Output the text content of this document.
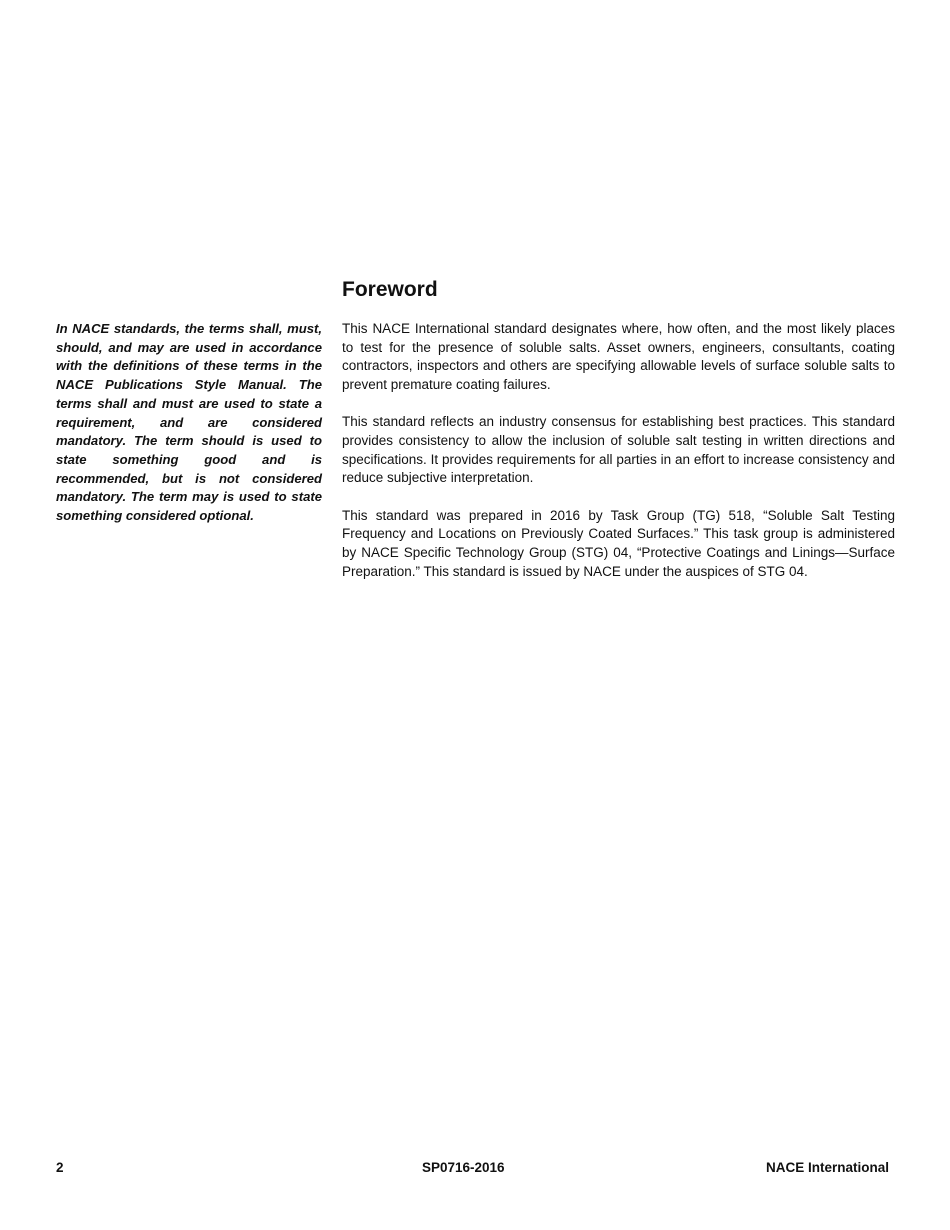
In NACE standards, the terms shall, must, should, and may are used in accordance with the definitions of these terms in the NACE Publications Style Manual. The terms shall and must are used to state a requirement, and are considered mandatory. The term should is used to state something good and is recommended, but is not considered mandatory. The term may is used to state something considered optional.

Foreword

This NACE International standard designates where, how often, and the most likely places to test for the presence of soluble salts. Asset owners, engineers, consultants, coating contractors, inspectors and others are specifying allowable levels of surface soluble salts to prevent premature coating failures.

This standard reflects an industry consensus for establishing best practices. This standard provides consistency to allow the inclusion of soluble salt testing in written directions and specifications. It provides requirements for all parties in an effort to increase consistency and reduce subjective interpretation.

This standard was prepared in 2016 by Task Group (TG) 518, “Soluble Salt Testing Frequency and Locations on Previously Coated Surfaces.” This task group is administered by NACE Specific Technology Group (STG) 04, “Protective Coatings and Linings—Surface Preparation.” This standard is issued by NACE under the auspices of STG 04.

2	SP0716-2016	NACE International
